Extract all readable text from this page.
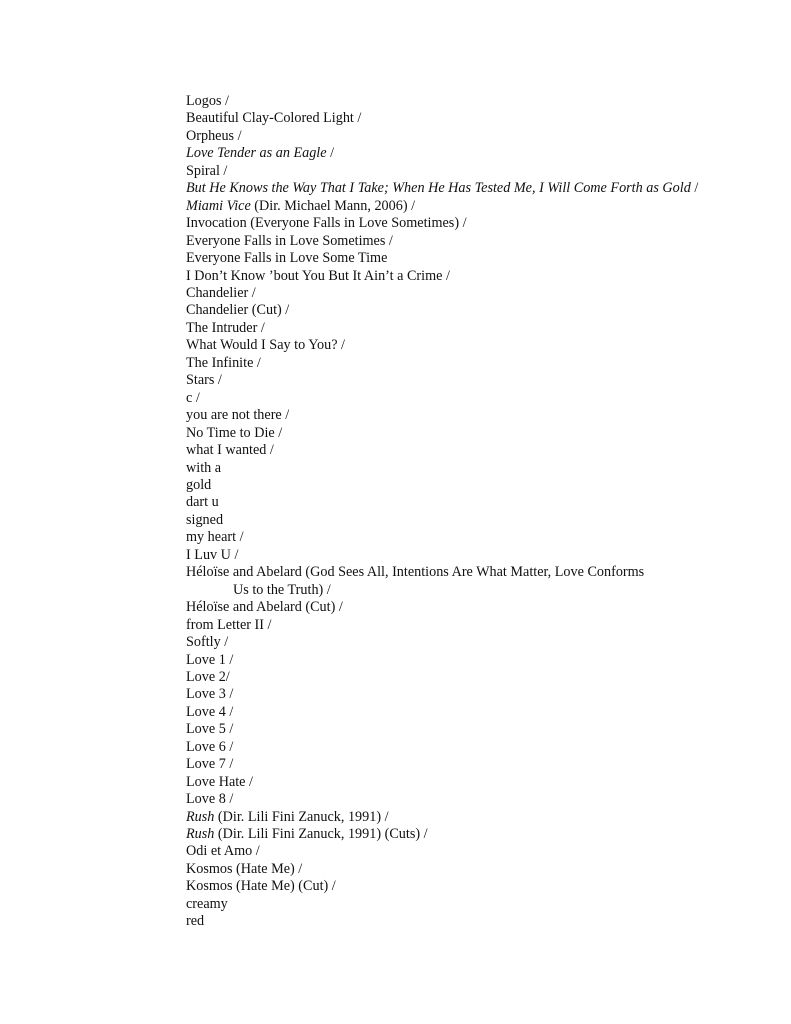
Logos /
Beautiful Clay-Colored Light /
Orpheus /
Love Tender as an Eagle /
Spiral /
But He Knows the Way That I Take; When He Has Tested Me, I Will Come Forth as Gold /
Miami Vice (Dir. Michael Mann, 2006) /
Invocation (Everyone Falls in Love Sometimes) /
Everyone Falls in Love Sometimes /
Everyone Falls in Love Some Time
I Don’t Know ’bout You But It Ain’t a Crime /
Chandelier /
Chandelier (Cut) /
The Intruder /
What Would I Say to You? /
The Infinite /
Stars /
c /
you are not there /
No Time to Die /
what I wanted /
with a
gold
dart u
signed
my heart /
I Luv U /
Héloïse and Abelard (God Sees All, Intentions Are What Matter, Love Conforms
Us to the Truth) /
Héloïse and Abelard (Cut) /
from Letter II /
Softly /
Love 1 /
Love 2/
Love 3 /
Love 4 /
Love 5 /
Love 6 /
Love 7 /
Love Hate /
Love 8 /
Rush (Dir. Lili Fini Zanuck, 1991) /
Rush (Dir. Lili Fini Zanuck, 1991) (Cuts) /
Odi et Amo /
Kosmos (Hate Me) /
Kosmos (Hate Me) (Cut) /
creamy
red
